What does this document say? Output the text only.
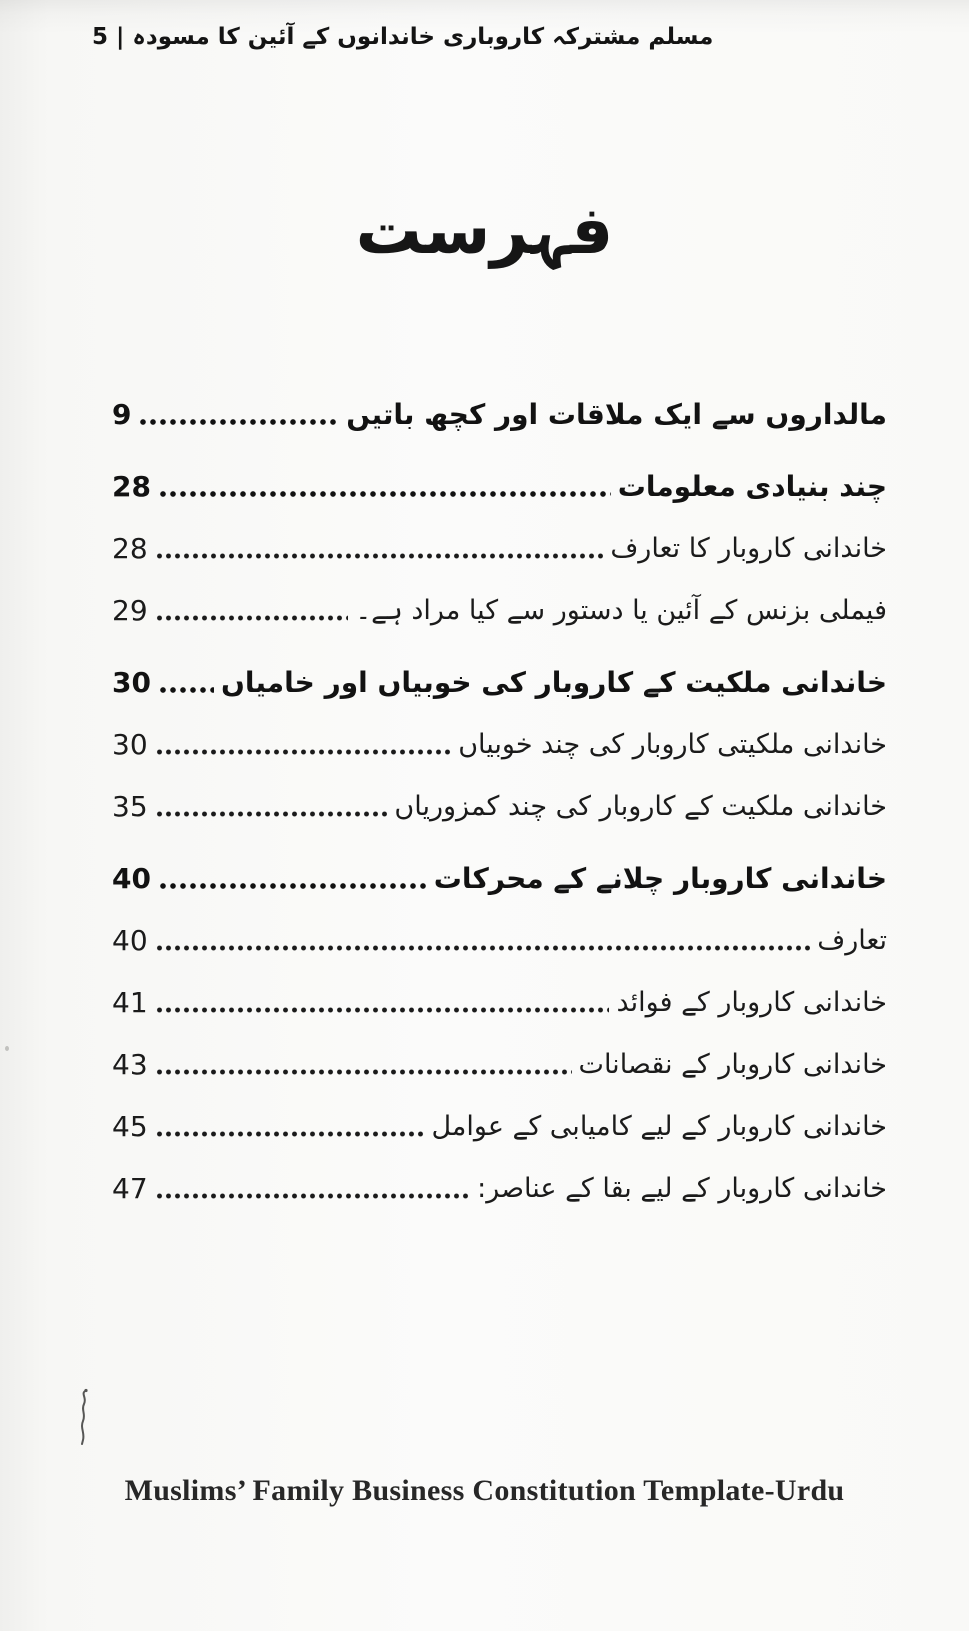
مسلم مشترکہ کاروباری خاندانوں کے آئین کا مسودہ | 5
فہرست
مالداروں سے ایک ملاقات اور کچھ باتیں
9
چند بنیادی معلومات
28
خاندانی کاروبار کا تعارف
28
فیملی بزنس کے آئین یا دستور سے کیا مراد ہے۔
29
خاندانی ملکیت کے کاروبار کی خوبیاں اور خامیاں
30
خاندانی ملکیتی کاروبار کی چند خوبیاں
30
خاندانی ملکیت کے کاروبار کی چند کمزوریاں
35
خاندانی کاروبار چلانے کے محرکات
40
تعارف
40
خاندانی کاروبار کے فوائد
41
خاندانی کاروبار کے نقصانات
43
خاندانی کاروبار کے لیے کامیابی کے عوامل
45
خاندانی کاروبار کے لیے بقا کے عناصر:
47
Muslims’ Family Business Constitution Template-Urdu
